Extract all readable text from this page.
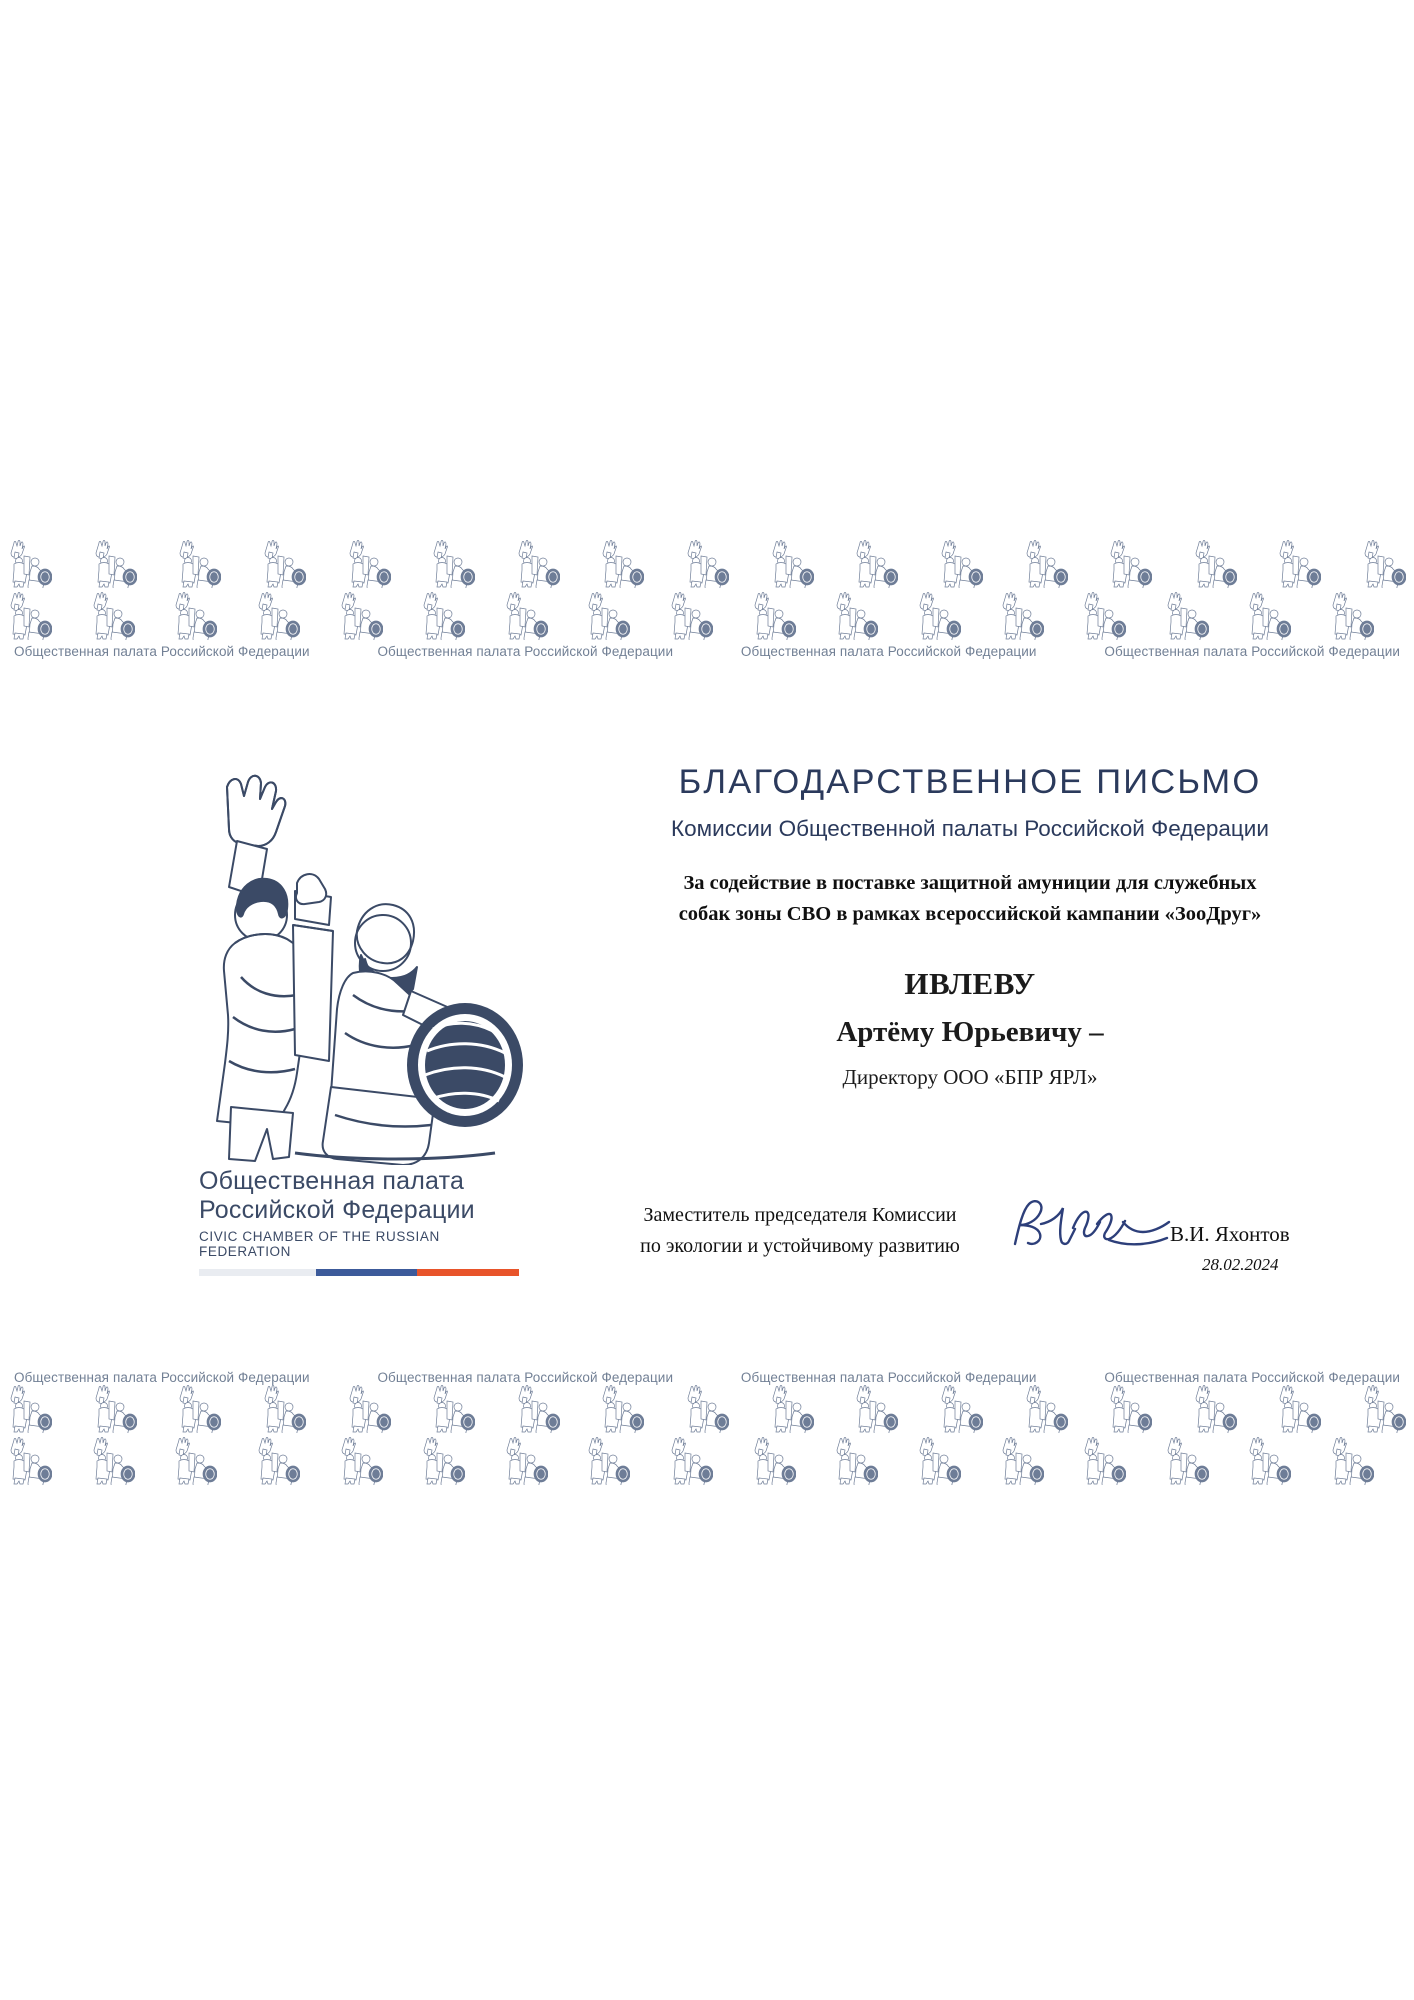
Общественная палата Российской Федерации	Общественная палата Российской Федерации	Общественная палата Российской Федерации	Общественная палата Российской Федерации
Общественная палата
Российской Федерации
CIVIC CHAMBER OF THE RUSSIAN FEDERATION
БЛАГОДАРСТВЕННОЕ ПИСЬМО
Комиссии Общественной палаты Российской Федерации
За содействие в поставке защитной амуниции для служебных
собак зоны СВО в рамках всероссийской кампании «ЗооДруг»
ИВЛЕВУ
Артёму Юрьевичу –
Директору ООО «БПР ЯРЛ»
Заместитель председателя Комиссии
по экологии и устойчивому развитию	В.И. Яхонтов
28.02.2024
Общественная палата Российской Федерации	Общественная палата Российской Федерации	Общественная палата Российской Федерации	Общественная палата Российской Федерации
